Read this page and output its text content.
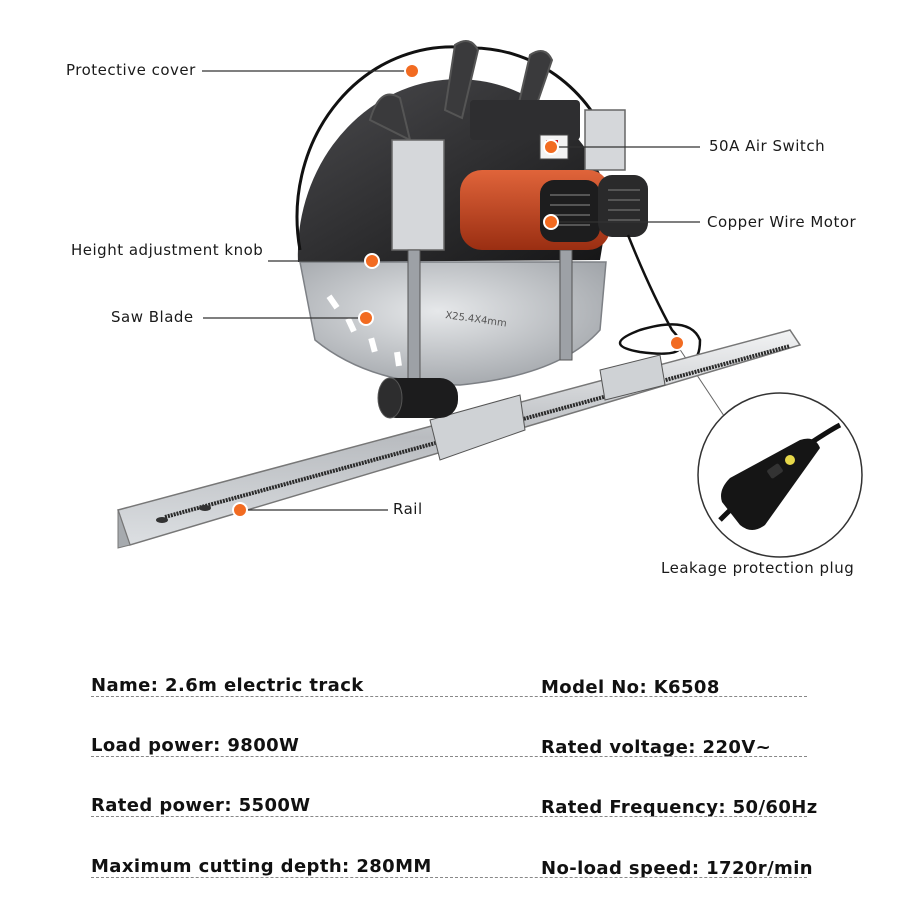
X25.4X4mm
Protective cover
50A Air Switch
Copper Wire Motor
Height adjustment knob
Saw Blade
Rail
Leakage protection plug
Name: 2.6m electric track	Model No: K6508
Load power: 9800W	Rated voltage: 220V~
Rated power: 5500W	Rated Frequency: 50/60Hz
Maximum cutting depth: 280MM	No-load speed: 1720r/min
